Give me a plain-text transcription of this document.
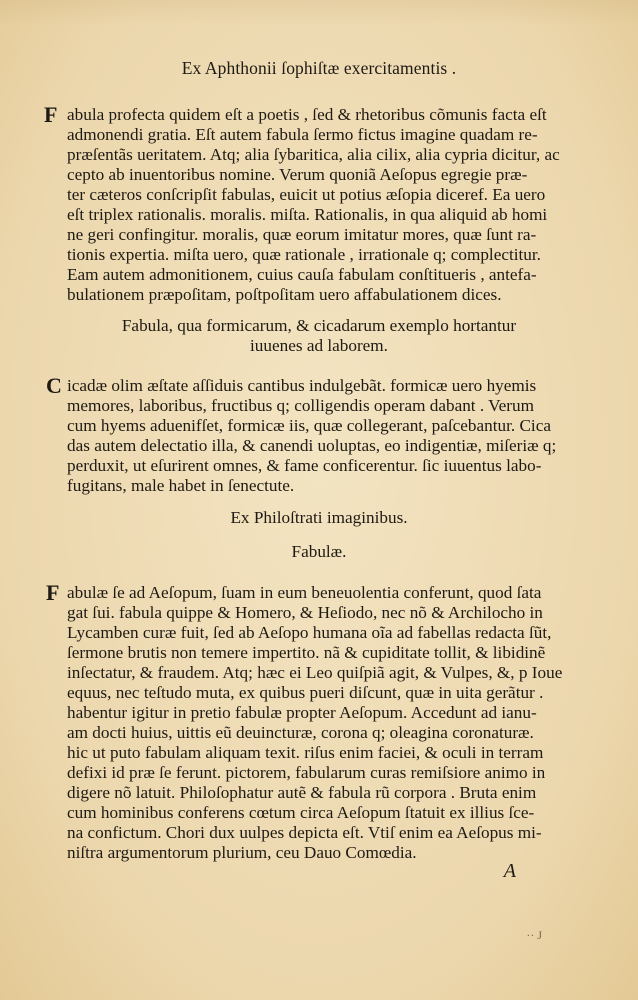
Ex Aphthonii ſophiſtæ exercitamentis .
F abula profecta quidem eſt a poetis , ſed & rhetoribus cõmunis facta eſt
admonendi gratia. Eſt autem fabula ſermo fictus imagine quadam re-
præſentãs ueritatem. Atq; alia ſybaritica, alia cilix, alia cypria dicitur, ac
cepto ab inuentoribus nomine. Verum quoniã Aeſopus egregie præ-
ter cæteros conſcripſit fabulas, euicit ut potius æſopia diceref. Ea uero
eſt triplex rationalis. moralis. miſta. Rationalis, in qua aliquid ab homi
ne geri confingitur. moralis, quæ eorum imitatur mores, quæ ſunt ra-
tionis expertia. miſta uero, quæ rationale , irrationale q; complectitur.
Eam autem admonitionem, cuius cauſa fabulam conſtitueris , antefa-
bulationem præpoſitam, poſtpoſitam uero affabulationem dices.
Fabula, qua formicarum, & cicadarum exemplo hortantur
iuuenes ad laborem.
C icadæ olim æſtate aſſiduis cantibus indulgebãt. formicæ uero hyemis
memores, laboribus, fructibus q; colligendis operam dabant . Verum
cum hyems aduenifſet, formicæ iis, quæ collegerant, paſcebantur. Cica
das autem delectatio illa, & canendi uoluptas, eo indigentiæ, miſeriæ q;
perduxit, ut eſurirent omnes, & fame conficerentur. ſic iuuentus labo-
fugitans, male habet in ſenectute.
Ex Philoſtrati imaginibus.
Fabulæ.
F abulæ ſe ad Aeſopum, ſuam in eum beneuolentia conferunt, quod ſata
gat ſui. fabula quippe & Homero, & Heſiodo, nec nõ & Archilocho in
Lycamben curæ fuit, ſed ab Aeſopo humana oĩa ad fabellas redacta ſũt,
ſermone brutis non temere impertito. nã & cupiditate tollit, & libidinẽ
inſectatur, & fraudem. Atq; hæc ei Leo quiſpiã agit, & Vulpes, &, p Ioue
equus, nec teſtudo muta, ex quibus pueri diſcunt, quæ in uita gerãtur .
habentur igitur in pretio fabulæ propter Aeſopum. Accedunt ad ianu-
am docti huius, uittis eũ deuincturæ, corona q; oleagina coronaturæ.
hic ut puto fabulam aliquam texit. riſus enim faciei, & oculi in terram
defixi id præ ſe ferunt. pictorem, fabularum curas remiſsiore animo in
digere nõ latuit. Philoſophatur autẽ & fabula rũ corpora . Bruta enim
cum hominibus conferens cœtum circa Aeſopum ſtatuit ex illius ſce-
na confictum. Chori dux uulpes depicta eſt. Vtiſ enim ea Aeſopus mi-
niſtra argumentorum plurium, ceu Dauo Comœdia.
A
·· J
